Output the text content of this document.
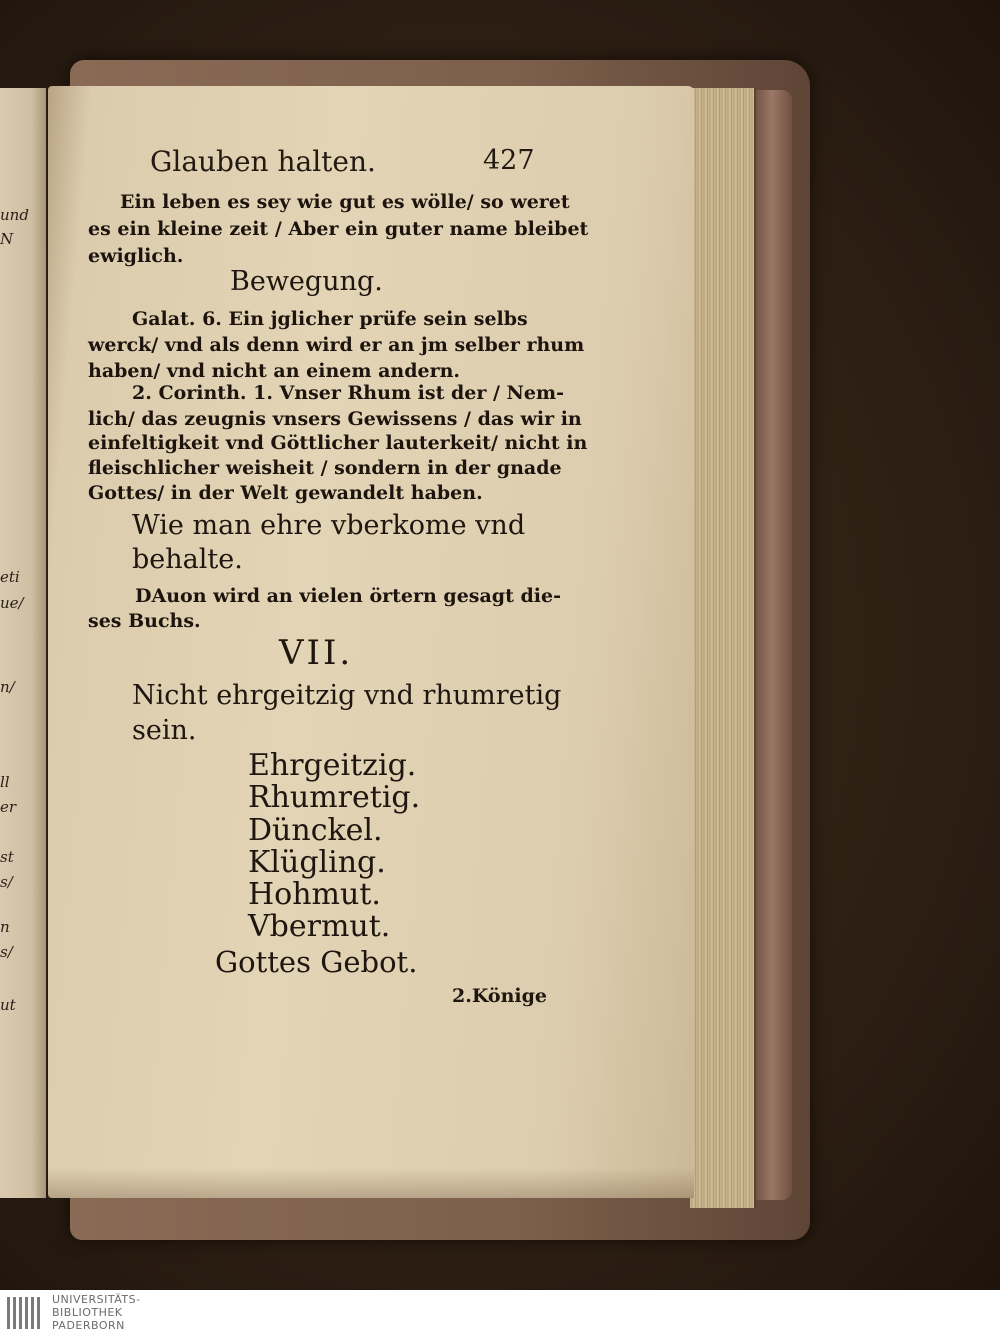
und
N
eti
ue/
n/
ll
er
st
s/
n
s/
ut
Glauben halten.	427
Ein leben es sey wie gut es wölle/ so weret
es ein kleine zeit / Aber ein guter name bleibet
ewiglich.
Bewegung.
Galat. 6. Ein jglicher prüfe sein selbs
werck/ vnd als denn wird er an jm selber rhum
haben/ vnd nicht an einem andern.
2. Corinth. 1. Vnser Rhum ist der / Nem-
lich/ das zeugnis vnsers Gewissens / das wir in
einfeltigkeit vnd Göttlicher lauterkeit/ nicht in
fleischlicher weisheit / sondern in der gnade
Gottes/ in der Welt gewandelt haben.
Wie man ehre vberkome vnd
behalte.
DAuon wird an vielen örtern gesagt die-
ses Buchs.
VII.
Nicht ehrgeitzig vnd rhumretig
sein.
Ehrgeitzig.
Rhumretig.
Dünckel.
Klügling.
Hohmut.
Vbermut.
Gottes Gebot.
2.Könige
UNIVERSITÄTS-
BIBLIOTHEK
PADERBORN
